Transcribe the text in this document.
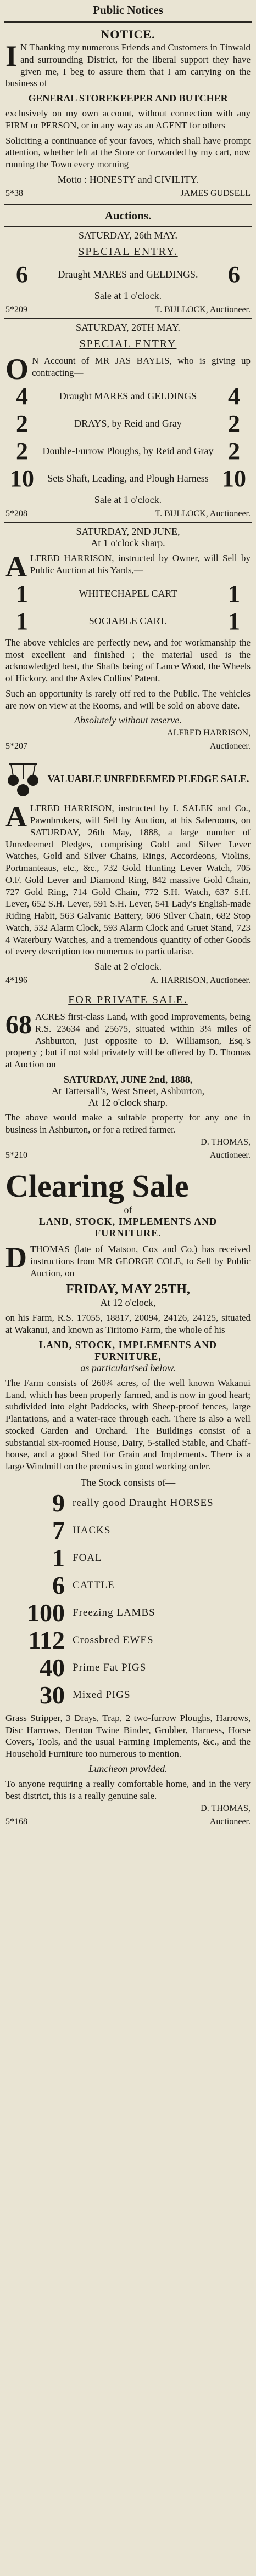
Public Notices
NOTICE.
I N Thanking my numerous Friends and Customers in Tinwald and surrounding District, for the liberal support they have given me, I beg to assure them that I am carrying on the business of
GENERAL STOREKEEPER AND BUTCHER
exclusively on my own account, without connection with any FIRM or PERSON, or in any way as an AGENT for others
Soliciting a continuance of your favors, which shall have prompt attention, whether left at the Store or forwarded by my cart, now running the Town every morning
Motto : HONESTY and CIVILITY.
5*38	JAMES GUDSELL
Auctions.
SATURDAY, 26th MAY.
SPECIAL ENTRY.
6	Draught MARES and GELDINGS.	6
Sale at 1 o'clock.
5*209	T. BULLOCK, Auctioneer.
SATURDAY, 26TH MAY.
SPECIAL ENTRY
O N Account of MR JAS BAYLIS, who is giving up contracting—
4	Draught MARES and GELDINGS	4
2	DRAYS, by Reid and Gray	2
2	Double-Furrow Ploughs, by Reid and Gray 2
10	Sets Shaft, Leading, and Plough Harness 10
Sale at 1 o'clock.
5*208	T. BULLOCK, Auctioneer.
SATURDAY, 2ND JUNE,
At 1 o'clock sharp.
A LFRED HARRISON, instructed by Owner, will Sell by Public Auction at his Yards,—
1	WHITECHAPEL CART	1
1	SOCIABLE CART.	1
The above vehicles are perfectly new, and for workmanship the most excellent and finished ; the material used is the acknowledged best, the Shafts being of Lance Wood, the Wheels of Hickory, and the Axles Collins' Patent.
Such an opportunity is rarely off red to the Public. The vehicles are now on view at the Rooms, and will be sold on above date.
Absolutely without reserve.
ALFRED HARRISON,
5*207	Auctioneer.
VALUABLE UNREDEEMED PLEDGE SALE.
A LFRED HARRISON, instructed by I. SALEK and Co., Pawnbrokers, will Sell by Auction, at his Salerooms, on SATURDAY, 26th May, 1888, a large number of Unredeemed Pledges, comprising Gold and Silver Lever Watches, Gold and Silver Chains, Rings, Accordeons, Violins, Portmanteaus, etc., &c., 732 Gold Hunting Lever Watch, 705 O.F. Gold Lever and Diamond Ring, 842 massive Gold Chain, 727 Gold Ring, 714 Gold Chain, 772 S.H. Watch, 637 S.H. Lever, 652 S.H. Lever, 591 S.H. Lever, 541 Lady's English-made Riding Habit, 563 Galvanic Battery, 606 Silver Chain, 682 Stop Watch, 532 Alarm Clock, 593 Alarm Clock and Gruet Stand, 723 4 Waterbury Watches, and a tremendous quantity of other Goods of every description too numerous to particularise.
Sale at 2 o'clock.
4*196	A. HARRISON, Auctioneer.
FOR PRIVATE SALE.
68 ACRES first-class Land, with good Improvements, being R.S. 23634 and 25675, situated within 3¼ miles of Ashburton, just opposite to D. Williamson, Esq.'s property ; but if not sold privately will be offered by D. Thomas at Auction on
SATURDAY, JUNE 2nd, 1888,
At Tattersall's, West Street, Ashburton,
At 12 o'clock sharp.
The above would make a suitable property for any one in business in Ashburton, or for a retired farmer.
D. THOMAS,
5*210	Auctioneer.
Clearing Sale
of
LAND, STOCK, IMPLEMENTS AND FURNITURE.
D THOMAS (late of Matson, Cox and Co.) has received instructions from MR GEORGE COLE, to Sell by Public Auction, on
FRIDAY, MAY 25TH,
At 12 o'clock,
on his Farm, R.S. 17055, 18817, 20094, 24126, 24125, situated at Wakanui, and known as Tiritomo Farm, the whole of his
LAND, STOCK, IMPLEMENTS AND FURNITURE,
as particularised below.
The Farm consists of 260¾ acres, of the well known Wakanui Land, which has been properly farmed, and is now in good heart; subdivided into eight Paddocks, with Sheep-proof fences, large Plantations, and a water-race through each. There is also a well stocked Garden and Orchard. The Buildings consist of a substantial six-roomed House, Dairy, 5-stalled Stable, and Chaff-house, and a good Shed for Grain and Implements. There is a large Windmill on the premises in good working order.
The Stock consists of—
9 really good Draught HORSES
7 HACKS
1 FOAL
6 CATTLE
100 Freezing LAMBS
112 Crossbred EWES
40 Prime Fat PIGS
30 Mixed PIGS
Grass Stripper, 3 Drays, Trap, 2 two-furrow Ploughs, Harrows, Disc Harrows, Denton Twine Binder, Grubber, Harness, Horse Covers, Tools, and the usual Farming Implements, &c., and the Household Furniture too numerous to mention.
Luncheon provided.
To anyone requiring a really comfortable home, and in the very best district, this is a really genuine sale.
D. THOMAS,
5*168	Auctioneer.
